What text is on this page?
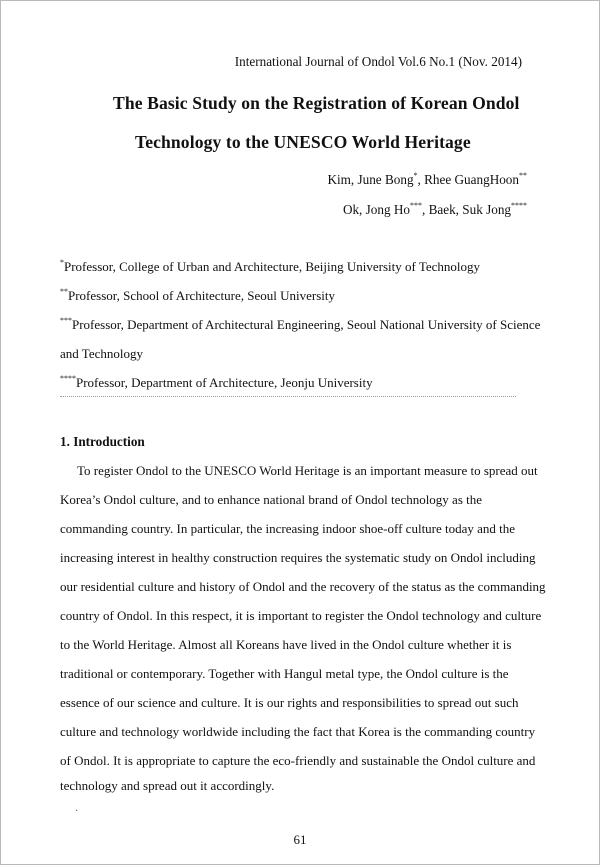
International Journal of Ondol Vol.6 No.1 (Nov. 2014)
The Basic Study on the Registration of Korean Ondol
Technology to the UNESCO World Heritage
Kim, June Bong*, Rhee GuangHoon**
Ok, Jong Ho***, Baek, Suk Jong****
*Professor, College of Urban and Architecture, Beijing University of Technology
**Professor, School of Architecture, Seoul University
***Professor, Department of Architectural Engineering, Seoul National University of Science
and Technology
****Professor, Department of Architecture, Jeonju University
1. Introduction
To register Ondol to the UNESCO World Heritage is an important measure to spread out
Korea’s Ondol culture, and to enhance national brand of Ondol technology as the
commanding country. In particular, the increasing indoor shoe-off culture today and the
increasing interest in healthy construction requires the systematic study on Ondol including
our residential culture and history of Ondol and the recovery of the status as the commanding
country of Ondol. In this respect, it is important to register the Ondol technology and culture
to the World Heritage. Almost all Koreans have lived in the Ondol culture whether it is
traditional or contemporary. Together with Hangul metal type, the Ondol culture is the
essence of our science and culture. It is our rights and responsibilities to spread out such
culture and technology worldwide including the fact that Korea is the commanding country
of Ondol. It is appropriate to capture the eco-friendly and sustainable the Ondol culture and
technology and spread out it accordingly.
·
61
